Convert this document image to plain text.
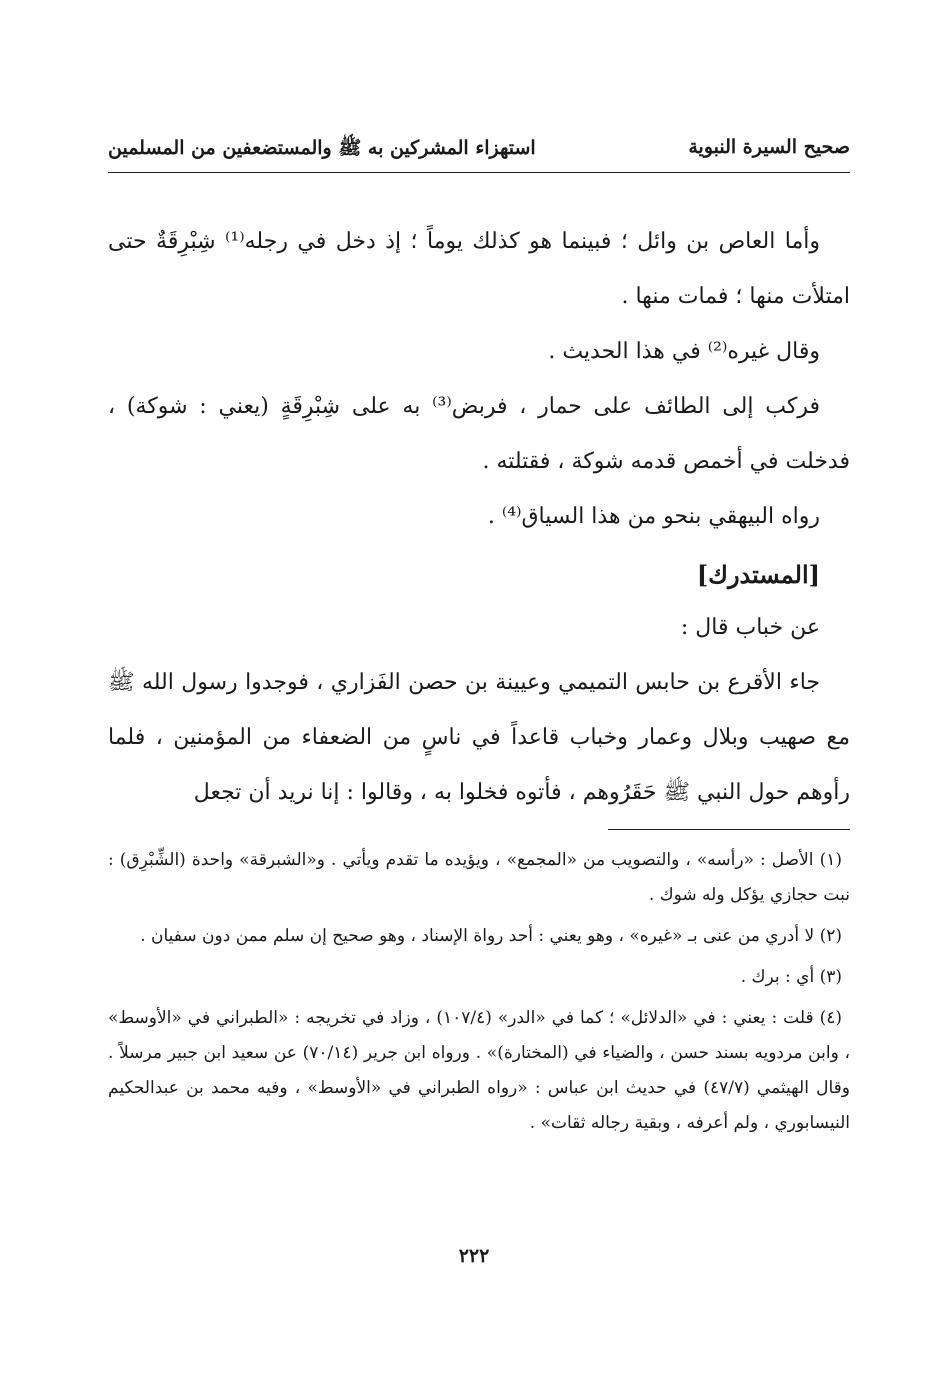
صحيح السيرة النبوية
استهزاء المشركين به ﷺ والمستضعفين من المسلمين

وأما العاص بن وائل ؛ فبينما هو كذلك يوماً ؛ إذ دخل في رجله⁽¹⁾ شِبْرِقَةٌ حتى امتلأت منها ؛ فمات منها .

وقال غيره⁽²⁾ في هذا الحديث .

فركب إلى الطائف على حمار ، فربض⁽³⁾ به على شِبْرِقَةٍ (يعني : شوكة) ، فدخلت في أخمص قدمه شوكة ، فقتلته .

رواه البيهقي بنحو من هذا السياق⁽⁴⁾ .

[المستدرك]

عن خباب قال :

جاء الأقرع بن حابس التميمي وعيينة بن حصن الفَزاري ، فوجدوا رسول الله ﷺ مع صهيب وبلال وعمار وخباب قاعداً في ناسٍ من الضعفاء من المؤمنين ، فلما رأوهم حول النبي ﷺ حَقَرُوهم ، فأتوه فخلوا به ، وقالوا : إنا نريد أن تجعل

(١) الأصل : «رأسه» ، والتصويب من «المجمع» ، ويؤيده ما تقدم ويأتي . و«الشبرقة» واحدة (الشِّبْرِق) : نبت حجازي يؤكل وله شوك .

(٢) لا أدري من عنى بـ «غيره» ، وهو يعني : أحد رواة الإسناد ، وهو صحيح إن سلم ممن دون سفيان .

(٣) أي : برك .

(٤) قلت : يعني : في «الدلائل» ؛ كما في «الدر» (١٠٧/٤) ، وزاد في تخريجه : «الطبراني في «الأوسط» ، وابن مردويه بسند حسن ، والضياء في (المختارة)» . ورواه ابن جرير (٧٠/١٤) عن سعيد ابن جبير مرسلاً . وقال الهيثمي (٤٧/٧) في حديث ابن عباس : «رواه الطبراني في «الأوسط» ، وفيه محمد بن عبدالحكيم النيسابوري ، ولم أعرفه ، وبقية رجاله ثقات» .

٢٢٢
